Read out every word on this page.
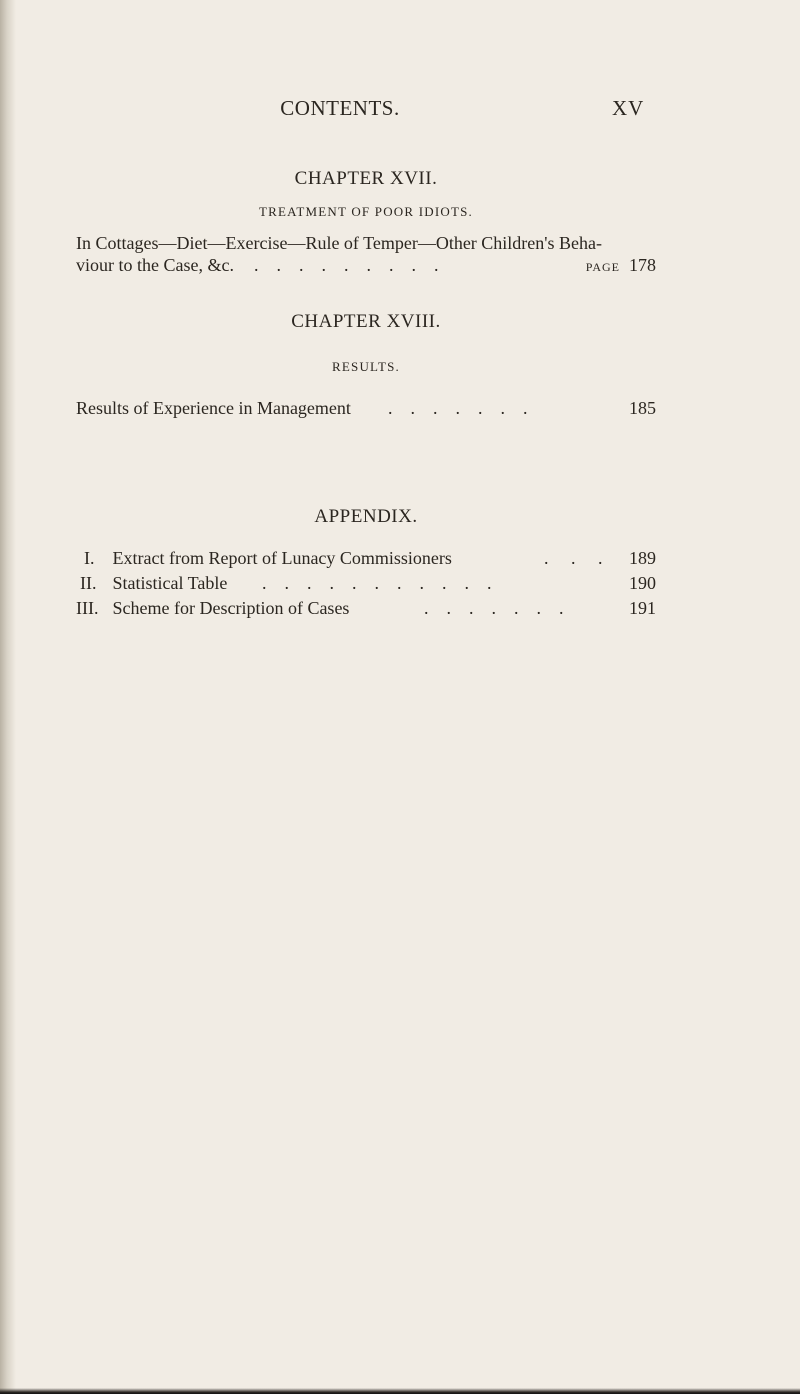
CONTENTS.	XV
CHAPTER XVII.
TREATMENT OF POOR IDIOTS.
In Cottages—Diet—Exercise—Rule of Temper—Other Children's Beha-
viour to the Case, &c. .    .    .    .    .    .    .    .    .	PAGE 178
CHAPTER XVIII.
RESULTS.
Results of Experience in Management .    .    .    .    .    .    .	185
APPENDIX.
I. Extract from Report of Lunacy Commissioners	.     .     . 189
II. Statistical Table .    .    .    .    .    .    .    .    .    .    .	190
III. Scheme for Description of Cases	.    .    .    .    .    .    .	191
